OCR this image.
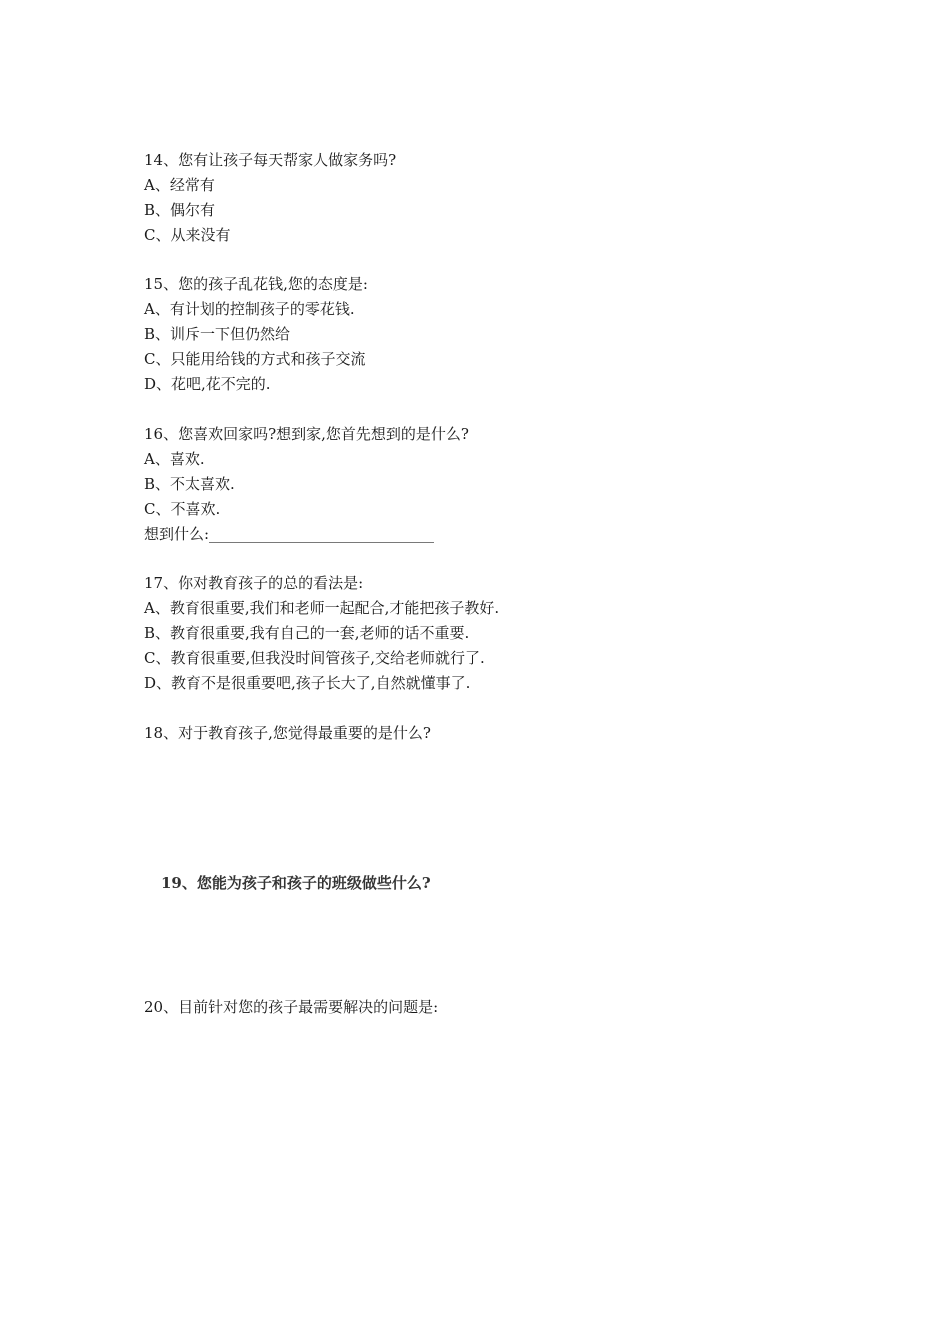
14、您有让孩子每天帮家人做家务吗?
A、经常有
B、偶尔有
C、从来没有
15、您的孩子乱花钱,您的态度是:
A、有计划的控制孩子的零花钱.
B、训斥一下但仍然给
C、只能用给钱的方式和孩子交流
D、花吧,花不完的.
16、您喜欢回家吗?想到家,您首先想到的是什么?
A、喜欢.
B、不太喜欢.
C、不喜欢.
想到什么:______________________________
17、你对教育孩子的总的看法是:
A、教育很重要,我们和老师一起配合,才能把孩子教好.
B、教育很重要,我有自己的一套,老师的话不重要.
C、教育很重要,但我没时间管孩子,交给老师就行了.
D、教育不是很重要吧,孩子长大了,自然就懂事了.
18、对于教育孩子,您觉得最重要的是什么?
19、您能为孩子和孩子的班级做些什么?
20、目前针对您的孩子最需要解决的问题是:
